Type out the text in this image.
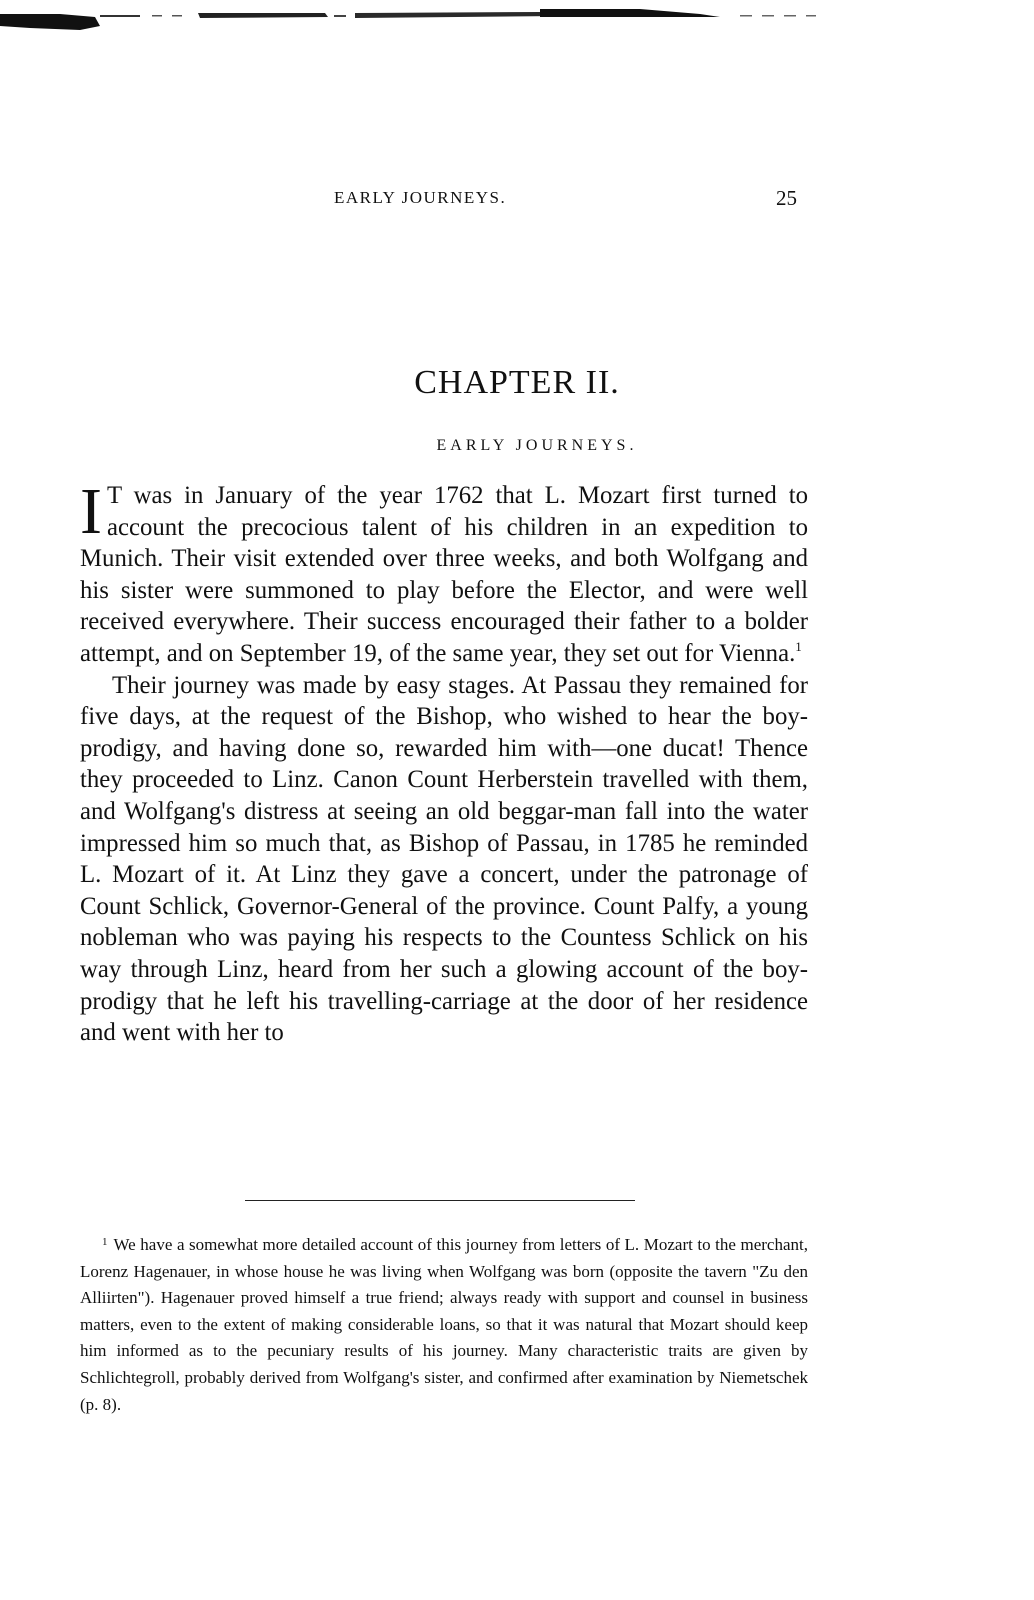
EARLY JOURNEYS.	25
CHAPTER II.
EARLY JOURNEYS.

I T was in January of the year 1762 that L. Mozart first turned to account the precocious talent of his children in an expedition to Munich. Their visit extended over three weeks, and both Wolfgang and his sister were summoned to play before the Elector, and were well received everywhere. Their success encouraged their father to a bolder attempt, and on September 19, of the same year, they set out for Vienna.$^1$

Their journey was made by easy stages. At Passau they remained for five days, at the request of the Bishop, who wished to hear the boy-prodigy, and having done so, rewarded him with—one ducat! Thence they proceeded to Linz. Canon Count Herberstein travelled with them, and Wolfgang's distress at seeing an old beggar-man fall into the water impressed him so much that, as Bishop of Passau, in 1785 he reminded L. Mozart of it. At Linz they gave a concert, under the patronage of Count Schlick, Governor-General of the province. Count Palfy, a young nobleman who was paying his respects to the Countess Schlick on his way through Linz, heard from her such a glowing account of the boy-prodigy that he left his travelling-carriage at the door of her residence and went with her to

$^1$ We have a somewhat more detailed account of this journey from letters of L. Mozart to the merchant, Lorenz Hagenauer, in whose house he was living when Wolfgang was born (opposite the tavern "Zu den Alliirten"). Hagenauer proved himself a true friend; always ready with support and counsel in business matters, even to the extent of making considerable loans, so that it was natural that Mozart should keep him informed as to the pecuniary results of his journey. Many characteristic traits are given by Schlichtegroll, probably derived from Wolfgang's sister, and confirmed after examination by Niemetschek (p. 8).
